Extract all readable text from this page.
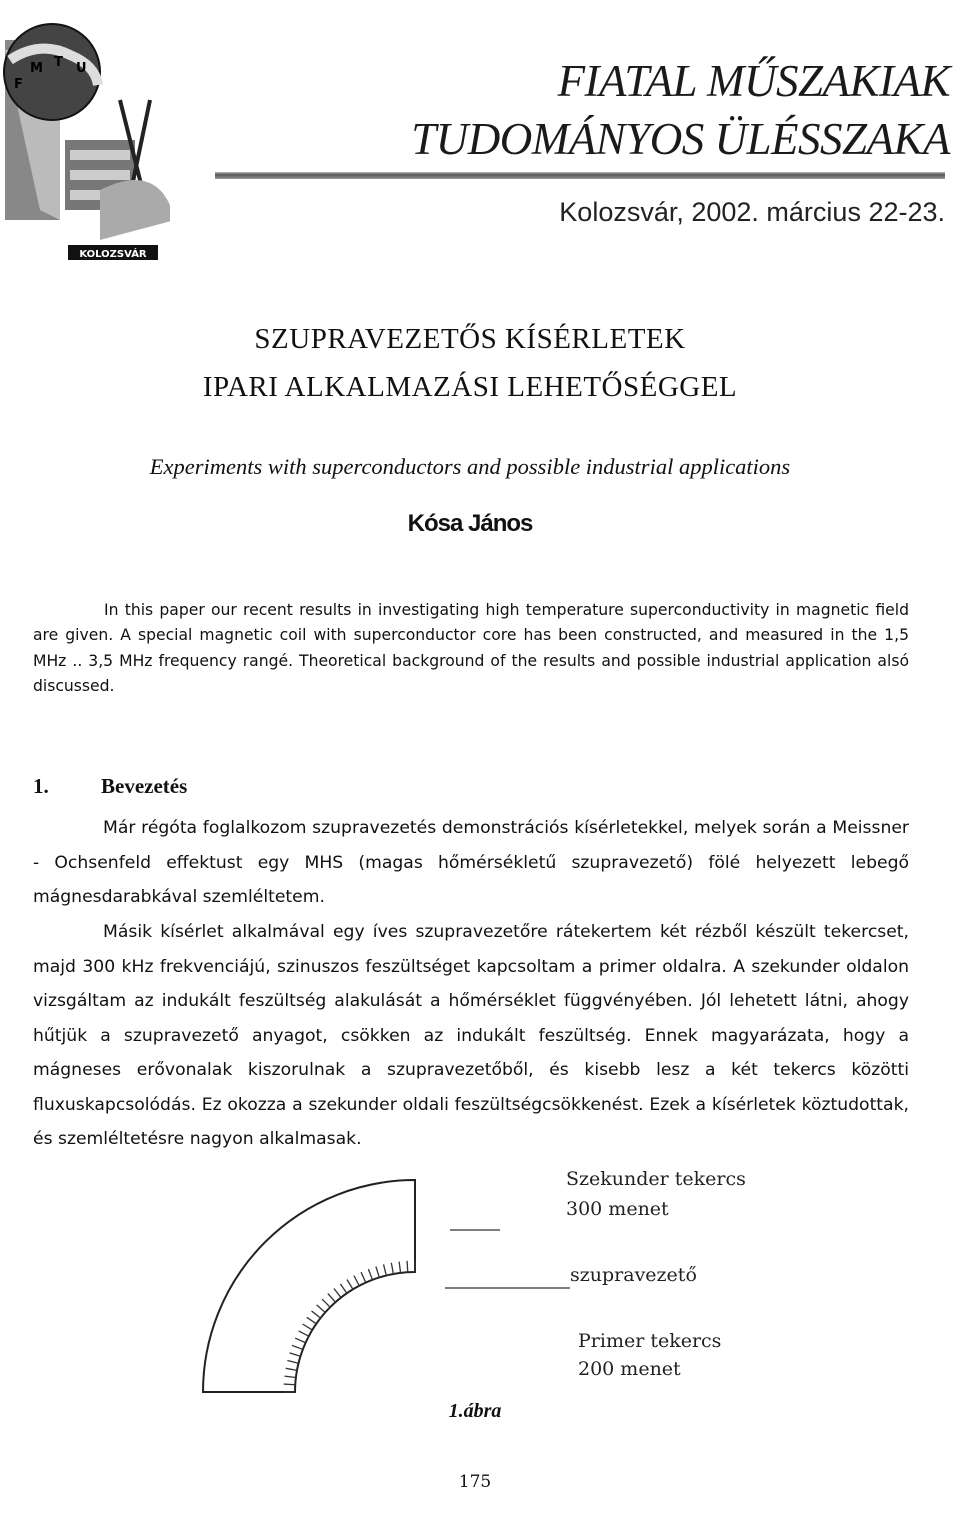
F
M T U
KOLOZSVÁR
FIATAL MŰSZAKIAK
TUDOMÁNYOS ÜLÉSSZAKA
Kolozsvár, 2002. március 22-23.
SZUPRAVEZETŐS KÍSÉRLETEK
IPARI ALKALMAZÁSI LEHETŐSÉGGEL
Experiments with superconductors and possible industrial applications
Kósa János
In this paper our recent results in investigating high temperature superconductivity in magnetic field are given. A special magnetic coil with superconductor core has been constructed, and measured in the 1,5 MHz .. 3,5 MHz frequency rangé. Theoretical background of the results and possible industrial application alsó discussed.
1. Bevezetés
Már régóta foglalkozom szupravezetés demonstrációs kísérletekkel, melyek során a Meissner - Ochsenfeld effektust egy MHS (magas hőmérsékletű szupravezető) fölé helyezett lebegő mágnesdarabkával szemléltetem.
Másik kísérlet alkalmával egy íves szupravezetőre rátekertem két rézből készült tekercset, majd 300 kHz frekvenciájú, szinuszos feszültséget kapcsoltam a primer oldalra. A szekunder oldalon vizsgáltam az indukált feszültség alakulását a hőmérséklet függvényében. Jól lehetett látni, ahogy hűtjük a szupravezető anyagot, csökken az indukált feszültség. Ennek magyarázata, hogy a mágneses erővonalak kiszorulnak a szupravezetőből, és kisebb lesz a két tekercs közötti fluxuskapcsolódás. Ez okozza a szekunder oldali feszültségcsökkenést. Ezek a kísérletek köztudottak, és szemléltetésre nagyon alkalmasak.
Szekunder tekercs
300 menet
szupravezető
Primer tekercs
200 menet
1.ábra
175
